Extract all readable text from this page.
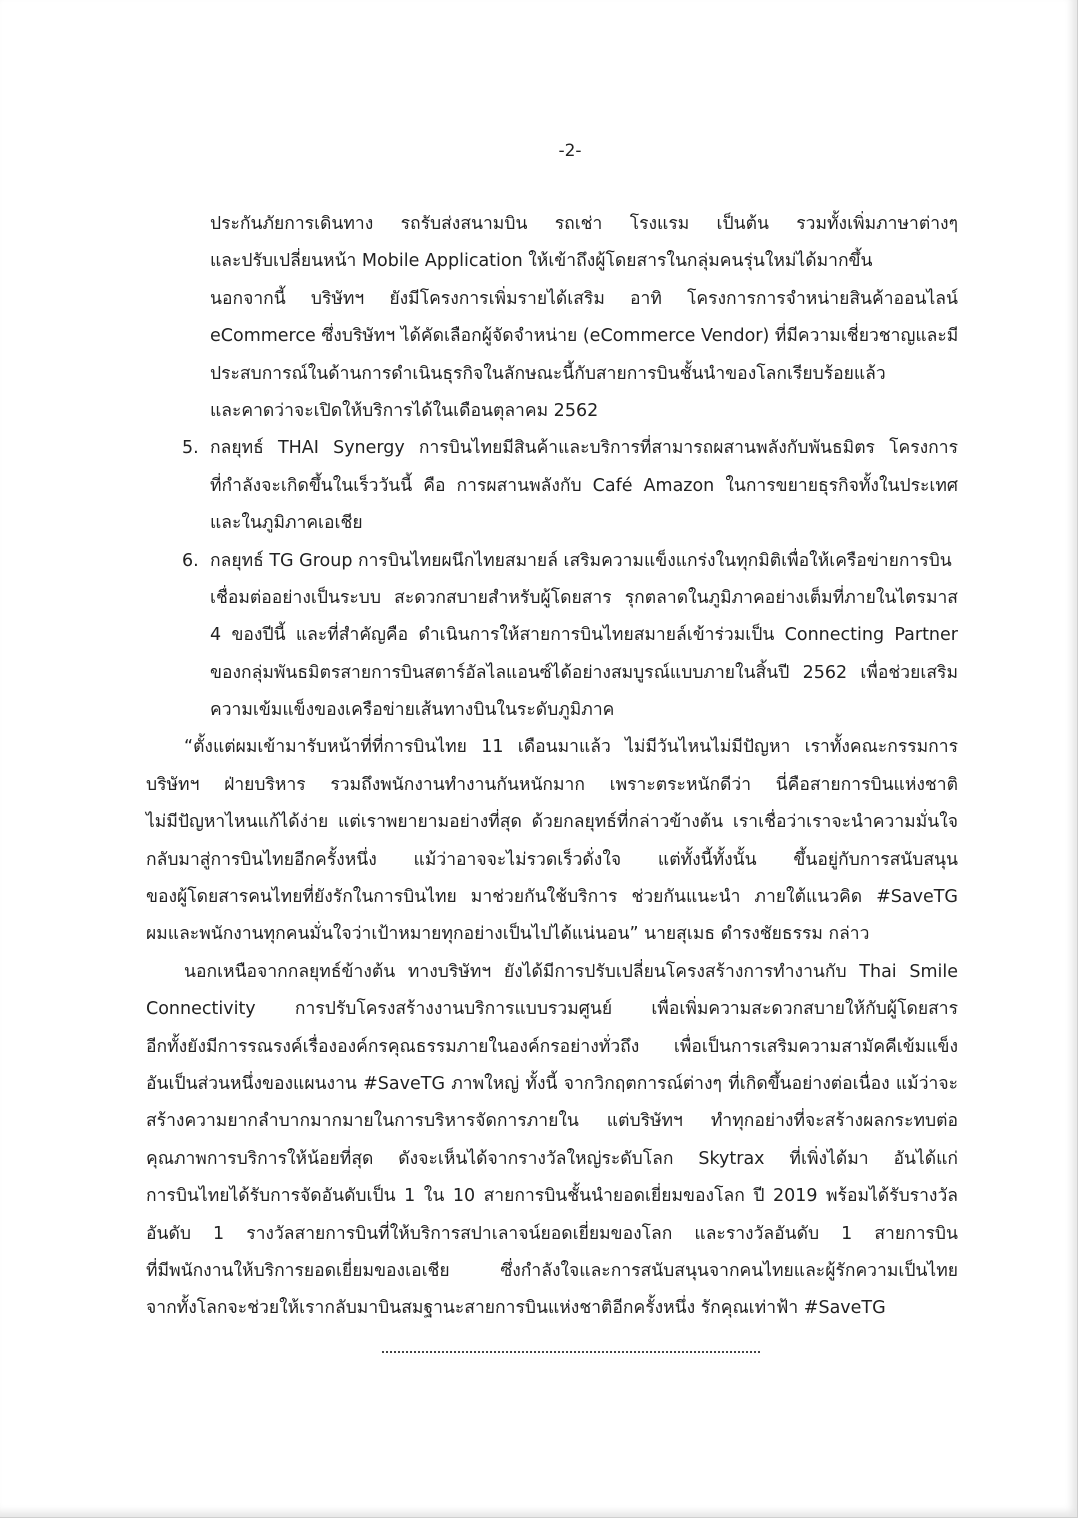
-2-
ประกันภัยการเดินทาง รถรับส่งสนามบิน รถเช่า โรงแรม เป็นต้น รวมทั้งเพิ่มภาษาต่างๆ
และปรับเปลี่ยนหน้า Mobile Application ให้เข้าถึงผู้โดยสารในกลุ่มคนรุ่นใหม่ได้มากขึ้น
นอกจากนี้ บริษัทฯ ยังมีโครงการเพิ่มรายได้เสริม อาทิ โครงการการจำหน่ายสินค้าออนไลน์
eCommerce ซึ่งบริษัทฯ ได้คัดเลือกผู้จัดจำหน่าย (eCommerce Vendor) ที่มีความเชี่ยวชาญและมี
ประสบการณ์ในด้านการดำเนินธุรกิจในลักษณะนี้กับสายการบินชั้นนำของโลกเรียบร้อยแล้ว
และคาดว่าจะเปิดให้บริการได้ในเดือนตุลาคม 2562
5. กลยุทธ์ THAI Synergy การบินไทยมีสินค้าและบริการที่สามารถผสานพลังกับพันธมิตร โครงการ
ที่กำลังจะเกิดขึ้นในเร็ววันนี้ คือ การผสานพลังกับ Café Amazon ในการขยายธุรกิจทั้งในประเทศ
และในภูมิภาคเอเชีย
6. กลยุทธ์ TG Group การบินไทยผนึกไทยสมายล์ เสริมความแข็งแกร่งในทุกมิติเพื่อให้เครือข่ายการบิน
เชื่อมต่ออย่างเป็นระบบ สะดวกสบายสำหรับผู้โดยสาร รุกตลาดในภูมิภาคอย่างเต็มที่ภายในไตรมาส
4 ของปีนี้ และที่สำคัญคือ ดำเนินการให้สายการบินไทยสมายล์เข้าร่วมเป็น Connecting Partner
ของกลุ่มพันธมิตรสายการบินสตาร์อัลไลแอนซ์ได้อย่างสมบูรณ์แบบภายในสิ้นปี 2562 เพื่อช่วยเสริม
ความเข้มแข็งของเครือข่ายเส้นทางบินในระดับภูมิภาค
“ตั้งแต่ผมเข้ามารับหน้าที่ที่การบินไทย 11 เดือนมาแล้ว ไม่มีวันไหนไม่มีปัญหา เราทั้งคณะกรรมการ
บริษัทฯ ฝ่ายบริหาร รวมถึงพนักงานทำงานกันหนักมาก เพราะตระหนักดีว่า นี่คือสายการบินแห่งชาติ
ไม่มีปัญหาไหนแก้ได้ง่าย แต่เราพยายามอย่างที่สุด ด้วยกลยุทธ์ที่กล่าวข้างต้น เราเชื่อว่าเราจะนำความมั่นใจ
กลับมาสู่การบินไทยอีกครั้งหนึ่ง แม้ว่าอาจจะไม่รวดเร็วดั่งใจ แต่ทั้งนี้ทั้งนั้น ขึ้นอยู่กับการสนับสนุน
ของผู้โดยสารคนไทยที่ยังรักในการบินไทย มาช่วยกันใช้บริการ ช่วยกันแนะนำ ภายใต้แนวคิด #SaveTG
ผมและพนักงานทุกคนมั่นใจว่าเป้าหมายทุกอย่างเป็นไปได้แน่นอน” นายสุเมธ ดำรงชัยธรรม กล่าว
นอกเหนือจากกลยุทธ์ข้างต้น ทางบริษัทฯ ยังได้มีการปรับเปลี่ยนโครงสร้างการทำงานกับ Thai Smile
Connectivity การปรับโครงสร้างงานบริการแบบรวมศูนย์ เพื่อเพิ่มความสะดวกสบายให้กับผู้โดยสาร
อีกทั้งยังมีการรณรงค์เรื่ององค์กรคุณธรรมภายในองค์กรอย่างทั่วถึง เพื่อเป็นการเสริมความสามัคคีเข้มแข็ง
อันเป็นส่วนหนึ่งของแผนงาน #SaveTG ภาพใหญ่ ทั้งนี้ จากวิกฤตการณ์ต่างๆ ที่เกิดขึ้นอย่างต่อเนื่อง แม้ว่าจะ
สร้างความยากลำบากมากมายในการบริหารจัดการภายใน แต่บริษัทฯ ทำทุกอย่างที่จะสร้างผลกระทบต่อ
คุณภาพการบริการให้น้อยที่สุด ดังจะเห็นได้จากรางวัลใหญ่ระดับโลก Skytrax ที่เพิ่งได้มา อันได้แก่
การบินไทยได้รับการจัดอันดับเป็น 1 ใน 10 สายการบินชั้นนำยอดเยี่ยมของโลก ปี 2019 พร้อมได้รับรางวัล
อันดับ 1 รางวัลสายการบินที่ให้บริการสปาเลาจน์ยอดเยี่ยมของโลก และรางวัลอันดับ 1 สายการบิน
ที่มีพนักงานให้บริการยอดเยี่ยมของเอเชีย ซึ่งกำลังใจและการสนับสนุนจากคนไทยและผู้รักความเป็นไทย
จากทั้งโลกจะช่วยให้เรากลับมาบินสมฐานะสายการบินแห่งชาติอีกครั้งหนึ่ง รักคุณเท่าฟ้า #SaveTG
